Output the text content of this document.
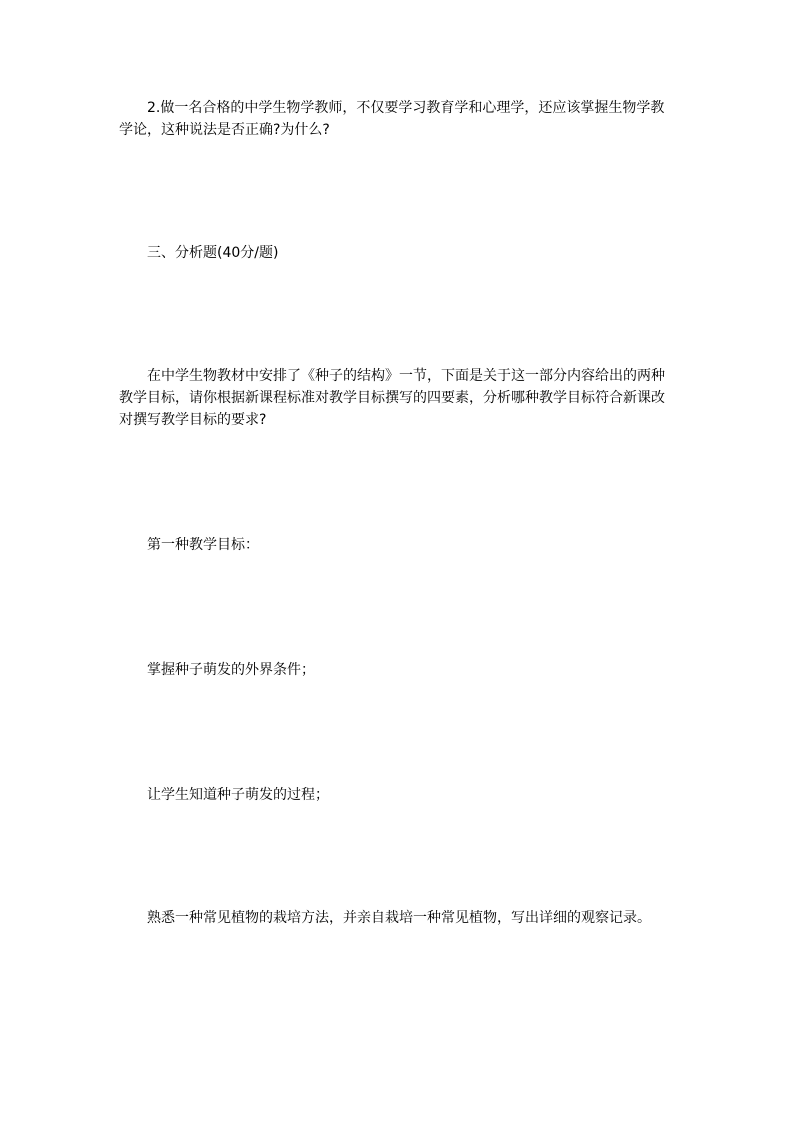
2.做一名合格的中学生物学教师，不仅要学习教育学和心理学，还应该掌握生物学教学论，这种说法是否正确?为什么?

三、分析题(40分/题)

在中学生物教材中安排了《种子的结构》一节，下面是关于这一部分内容给出的两种教学目标，请你根据新课程标准对教学目标撰写的四要素，分析哪种教学目标符合新课改对撰写教学目标的要求?

第一种教学目标：

掌握种子萌发的外界条件；

让学生知道种子萌发的过程；

熟悉一种常见植物的栽培方法，并亲自栽培一种常见植物，写出详细的观察记录。
